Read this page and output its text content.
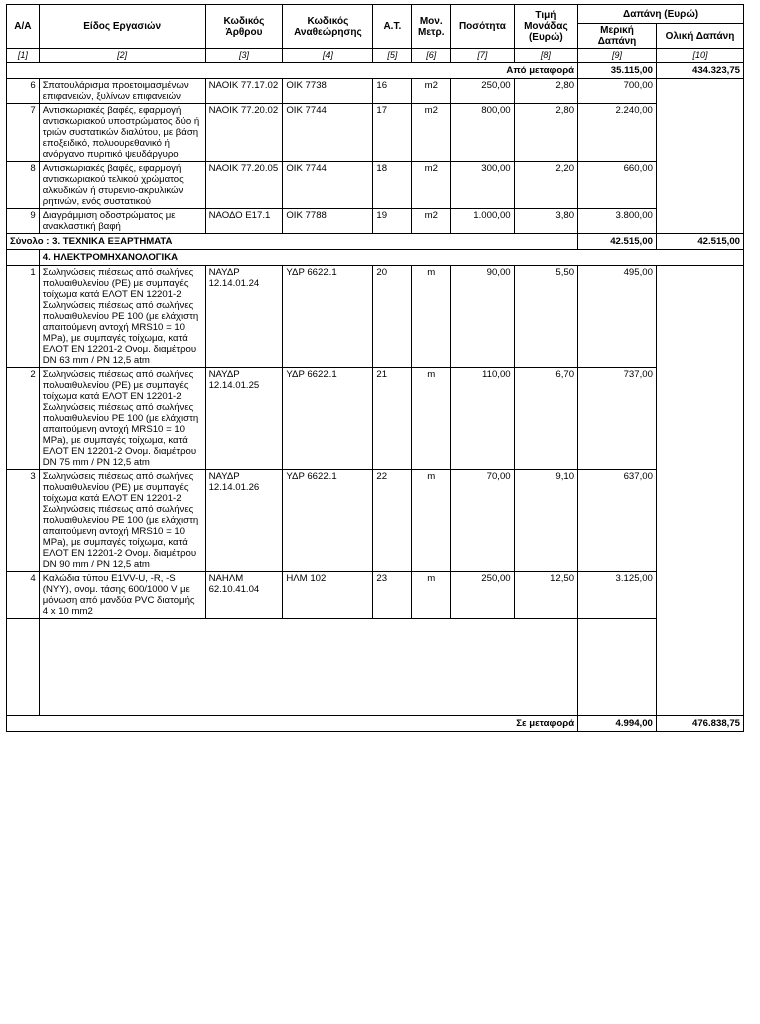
Α/Α	Είδος Εργασιών	Κωδικός Άρθρου	Κωδικός Αναθεώρησης	Α.Τ.	Μον. Μετρ.	Ποσότητα	Τιμή Μονάδας (Ευρώ)	Δαπάνη (Ευρώ)	
								Μερική Δαπάνη	Ολική Δαπάνη
[1]	[2]	[3]	[4]	[5]	[6]	[7]	[8]	[9]	[10]
Από μεταφορά								35.115,00	434.323,75
6	Σπατουλάρισμα προετοιμασμένων επιφανειών, ξυλίνων επιφανειών	ΝΑΟΙΚ 77.17.02	ΟΙΚ 7738	16	m2	250,00	2,80	700,00	
7	Αντισκωριακές βαφές, εφαρμογή αντισκωριακού υποστρώματος δύο ή τριών συστατικών διαλύτου, με βάση εποξειδικό, πολυουρεθανικό ή ανόργανο πυριτικό ψευδάργυρο	ΝΑΟΙΚ 77.20.02	ΟΙΚ 7744	17	m2	800,00	2,80	2.240,00	
8	Αντισκωριακές βαφές, εφαρμογή αντισκωριακού τελικού χρώματος αλκυδικών ή στυρενιο-ακρυλικών ρητινών, ενός συστατικού	ΝΑΟΙΚ 77.20.05	ΟΙΚ 7744	18	m2	300,00	2,20	660,00	
9	Διαγράμμιση οδοστρώματος με ανακλαστική βαφή	ΝΑΟΔΟ Ε17.1	ΟΙΚ 7788	19	m2	1.000,00	3,80	3.800,00	
Σύνολο : 3. ΤΕΧΝΙΚΑ ΕΞΑΡΤΗΜΑΤΑ								42.515,00	42.515,00
	4. ΗΛΕΚΤΡΟΜΗΧΑΝΟΛΟΓΙΚΑ								
1	Σωληνώσεις πιέσεως από σωλήνες πολυαιθυλενίου (PE) με συμπαγές τοίχωμα κατά ΕΛΟΤ ΕΝ 12201-2 Σωληνώσεις πιέσεως από σωλήνες πολυαιθυλενίου PE 100 (με ελάχιστη απαιτούμενη αντοχή MRS10 = 10 MPa), με συμπαγές τοίχωμα, κατά ΕΛΟΤ ΕΝ 12201-2 Ονομ. διαμέτρου DN 63 mm / PN 12,5 atm	ΝΑΥΔΡ 12.14.01.24	ΥΔΡ 6622.1	20	m	90,00	5,50	495,00	
2	Σωληνώσεις πιέσεως από σωλήνες πολυαιθυλενίου (PE) με συμπαγές τοίχωμα κατά ΕΛΟΤ ΕΝ 12201-2 Σωληνώσεις πιέσεως από σωλήνες πολυαιθυλενίου PE 100 (με ελάχιστη απαιτούμενη αντοχή MRS10 = 10 MPa), με συμπαγές τοίχωμα, κατά ΕΛΟΤ ΕΝ 12201-2 Ονομ. διαμέτρου DN 75 mm / PN 12,5 atm	ΝΑΥΔΡ 12.14.01.25	ΥΔΡ 6622.1	21	m	110,00	6,70	737,00	
3	Σωληνώσεις πιέσεως από σωλήνες πολυαιθυλενίου (PE) με συμπαγές τοίχωμα κατά ΕΛΟΤ ΕΝ 12201-2 Σωληνώσεις πιέσεως από σωλήνες πολυαιθυλενίου PE 100 (με ελάχιστη απαιτούμενη αντοχή MRS10 = 10 MPa), με συμπαγές τοίχωμα, κατά ΕΛΟΤ ΕΝ 12201-2 Ονομ. διαμέτρου DN 90 mm / PN 12,5 atm	ΝΑΥΔΡ 12.14.01.26	ΥΔΡ 6622.1	22	m	70,00	9,10	637,00	
4	Καλώδια τύπου E1VV-U, -R, -S (NYY), ονομ. τάσης 600/1000 V με μόνωση από μανδύα PVC διατομής 4 x 10 mm2	ΝΑΗΛΜ 62.10.41.04	ΗΛΜ 102	23	m	250,00	12,50	3.125,00	

Σε μεταφορά								4.994,00	476.838,75
